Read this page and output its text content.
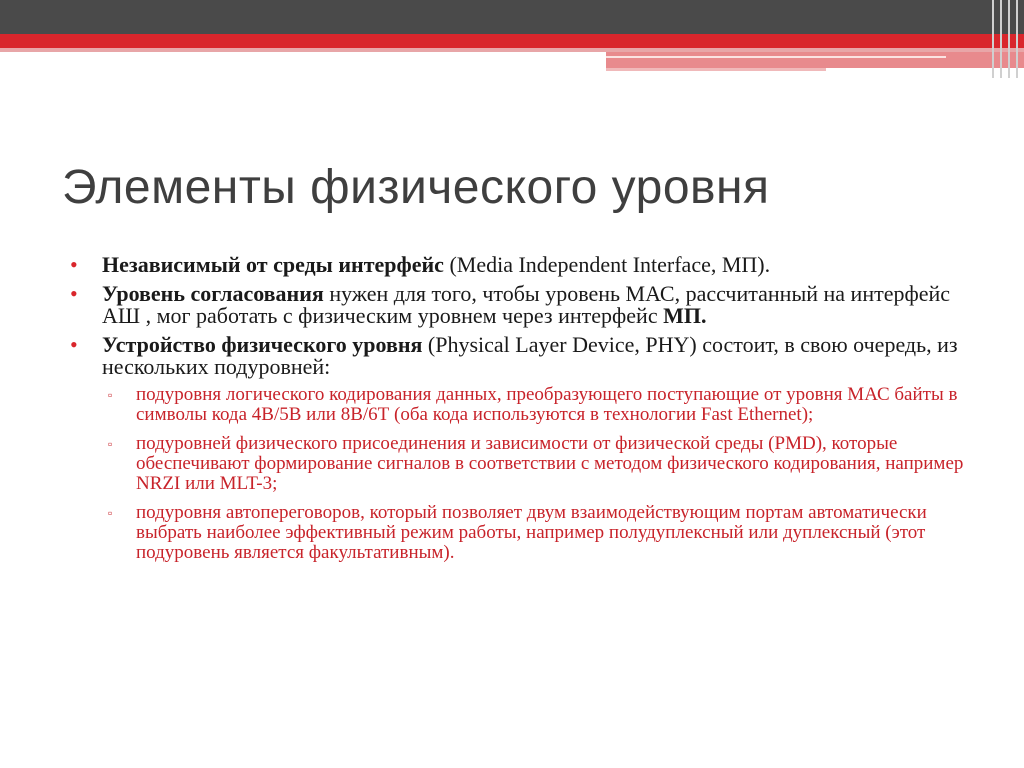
Элементы физического уровня
• Независимый от среды интерфейс (Media Independent Interface, МП).
• Уровень согласования нужен для того, чтобы уровень МАС, рассчитанный на интерфейс АШ , мог работать с физическим уровнем через интерфейс МП.
• Устройство физического уровня (Physical Layer Device, PHY) состоит, в свою очередь, из нескольких подуровней:
▫ подуровня логического кодирования данных, преобразующего поступающие от уровня МАС байты в символы кода 4В/5В или 8В/6Т (оба кода используются в технологии Fast Ethernet);
▫ подуровней физического присоединения и зависимости от физической среды (PMD), которые обеспечивают формирование сигналов в соответствии с методом физического кодирования, например NRZI или MLT-3;
▫ подуровня автопереговоров, который позволяет двум взаимодействующим портам автоматически выбрать наиболее эффективный режим работы, например полудуплексный или дуплексный (этот подуровень является факультативным).
